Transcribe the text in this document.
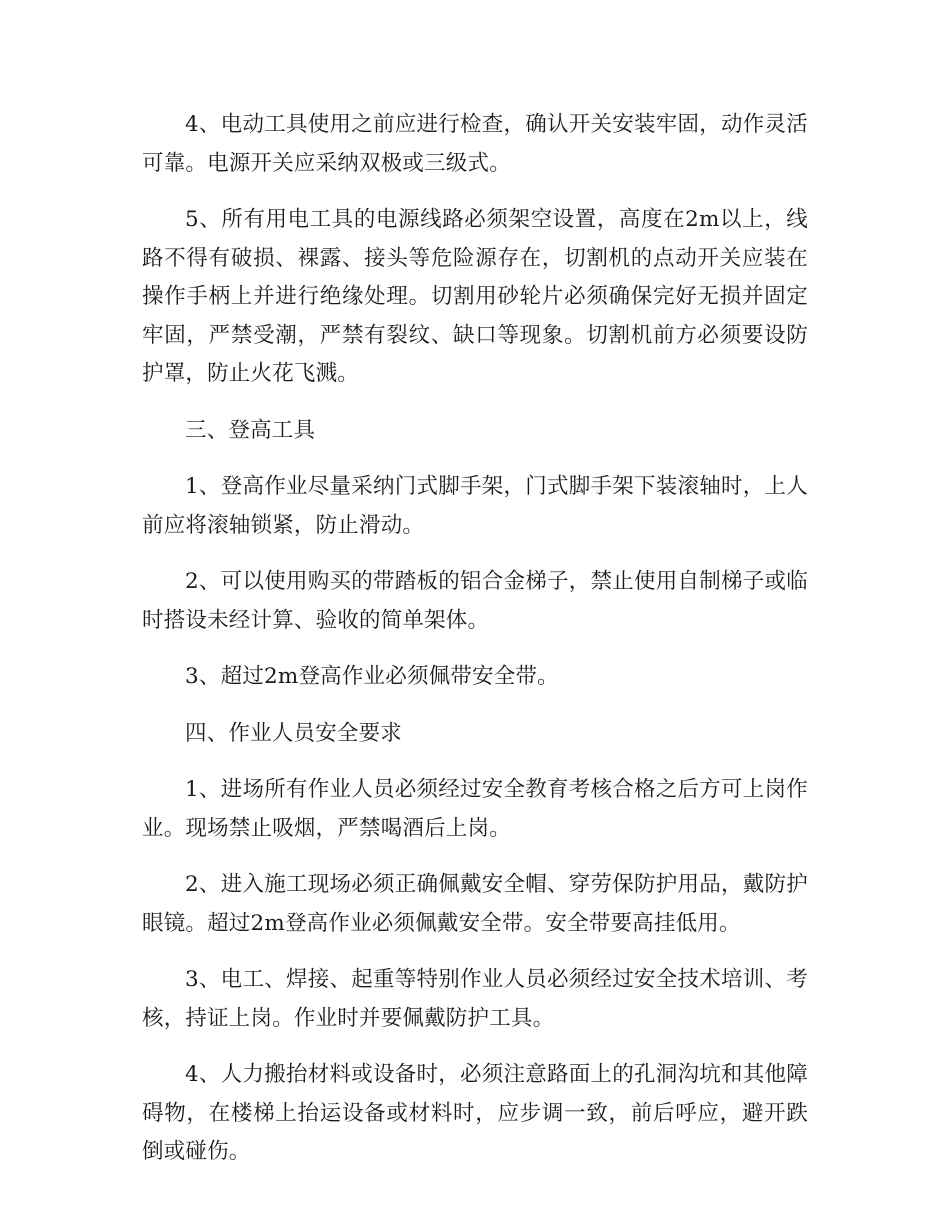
4、电动工具使用之前应进行检查，确认开关安装牢固，动作灵活可靠。电源开关应采纳双极或三级式。

5、所有用电工具的电源线路必须架空设置，高度在2m以上，线路不得有破损、裸露、接头等危险源存在，切割机的点动开关应装在操作手柄上并进行绝缘处理。切割用砂轮片必须确保完好无损并固定牢固，严禁受潮，严禁有裂纹、缺口等现象。切割机前方必须要设防护罩，防止火花飞溅。

三、登高工具

1、登高作业尽量采纳门式脚手架，门式脚手架下装滚轴时，上人前应将滚轴锁紧，防止滑动。

2、可以使用购买的带踏板的铝合金梯子，禁止使用自制梯子或临时搭设未经计算、验收的简单架体。

3、超过2m登高作业必须佩带安全带。

四、作业人员安全要求

1、进场所有作业人员必须经过安全教育考核合格之后方可上岗作业。现场禁止吸烟，严禁喝酒后上岗。

2、进入施工现场必须正确佩戴安全帽、穿劳保防护用品，戴防护眼镜。超过2m登高作业必须佩戴安全带。安全带要高挂低用。

3、电工、焊接、起重等特别作业人员必须经过安全技术培训、考核，持证上岗。作业时并要佩戴防护工具。

4、人力搬抬材料或设备时，必须注意路面上的孔洞沟坑和其他障碍物，在楼梯上抬运设备或材料时，应步调一致，前后呼应，避开跌倒或碰伤。
